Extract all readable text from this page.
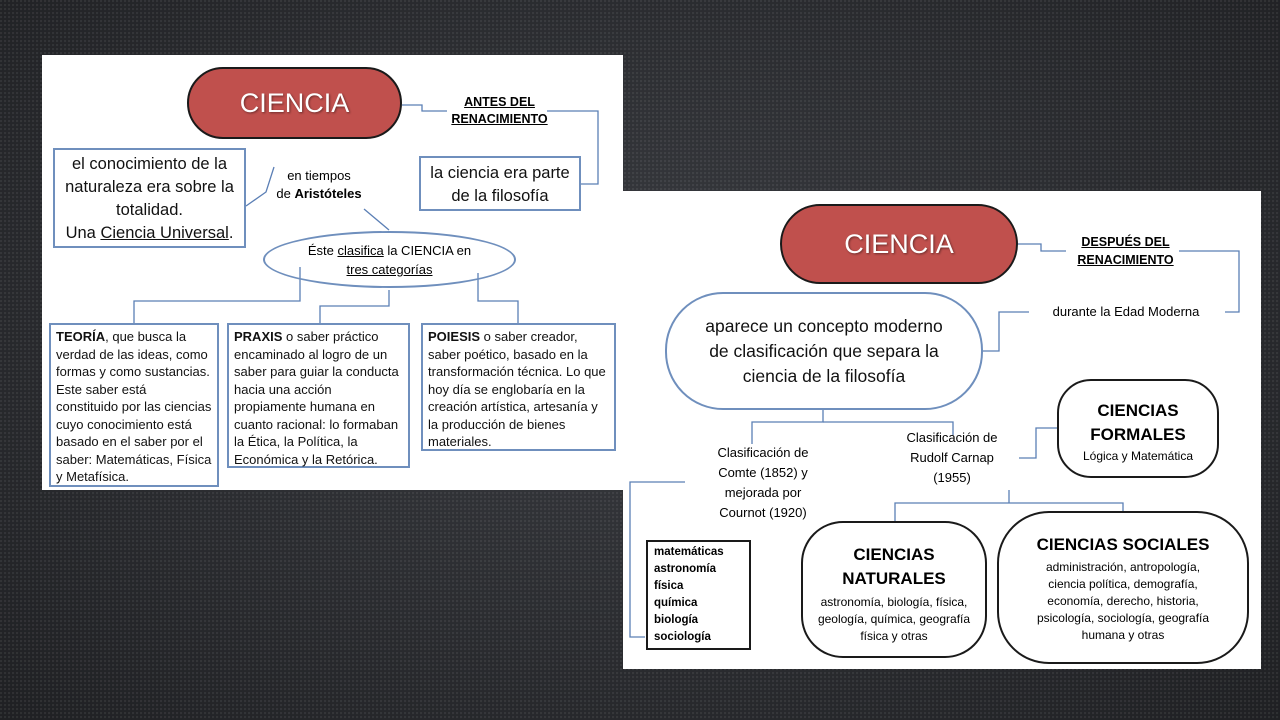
CIENCIA	ANTES DEL
RENACIMIENTO
la ciencia era parte
de la filosofía
el conocimiento de la
naturaleza era sobre la
totalidad.
Una Ciencia Universal.
en tiempos
de Aristóteles
Éste clasifica la CIENCIA en
tres categorías
TEORÍA, que busca la verdad de las ideas, como formas y como sustancias. Este saber está constituido por las ciencias cuyo conocimiento está basado en el saber por el saber: Matemáticas, Física y Metafísica.
PRAXIS o saber práctico encaminado al logro de un saber para guiar la conducta hacia una acción propiamente humana en cuanto racional: lo formaban la Ética, la Política, la Económica y la Retórica.
POIESIS o saber creador, saber poético, basado en la transformación técnica. Lo que hoy día se englobaría en la creación artística, artesanía y la producción de bienes materiales.
CIENCIA	DESPUÉS DEL
RENACIMIENTO
durante la Edad Moderna
aparece un concepto moderno
de clasificación que separa la
ciencia de la filosofía
Clasificación de
Comte (1852) y
mejorada por
Cournot (1920)
Clasificación de
Rudolf Carnap
(1955)
matemáticas
astronomía
física
química
biología
sociología
CIENCIAS
FORMALES
Lógica y Matemática
CIENCIAS
NATURALES
astronomía, biología, física, geología, química, geografía física y otras
CIENCIAS SOCIALES
administración, antropología, ciencia política, demografía, economía, derecho, historia, psicología, sociología, geografía humana y otras
